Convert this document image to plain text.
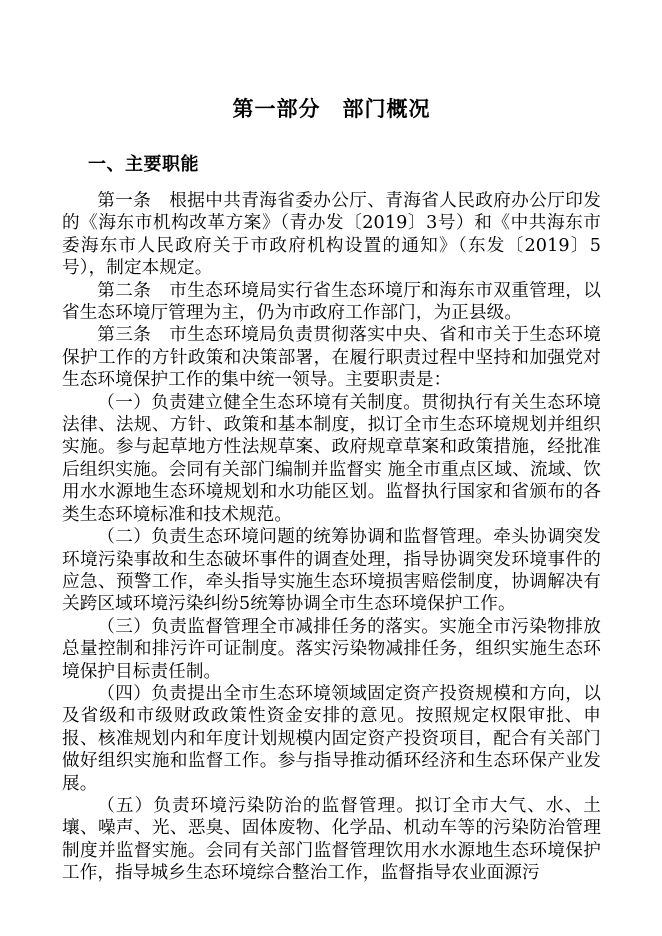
第一部分　部门概况
一、主要职能

第一条　根据中共青海省委办公厅、青海省人民政府办公厅印发的《海东市机构改革方案》（青办发〔2019〕3号）和《中共海东市委海东市人民政府关于市政府机构设置的通知》（东发〔2019〕5号），制定本规定。

第二条　市生态环境局实行省生态环境厅和海东市双重管理，以省生态环境厅管理为主，仍为市政府工作部门，为正县级。

第三条　市生态环境局负责贯彻落实中央、省和市关于生态环境保护工作的方针政策和决策部署，在履行职责过程中坚持和加强党对生态环境保护工作的集中统一领导。主要职责是：

（一）负责建立健全生态环境有关制度。贯彻执行有关生态环境法律、法规、方针、政策和基本制度，拟订全市生态环境规划并组织实施。参与起草地方性法规草案、政府规章草案和政策措施，经批准后组织实施。会同有关部门编制并监督实 施全市重点区域、流域、饮用水水源地生态环境规划和水功能区划。监督执行国家和省颁布的各类生态环境标准和技术规范。

（二）负责生态环境问题的统筹协调和监督管理。牵头协调突发环境污染事故和生态破坏事件的调查处理，指导协调突发环境事件的应急、预警工作，牵头指导实施生态环境损害赔偿制度，协调解决有关跨区域环境污染纠纷5统筹协调全市生态环境保护工作。

（三）负责监督管理全市减排任务的落实。实施全市污染物排放总量控制和排污许可证制度。落实污染物减排任务，组织实施生态环境保护目标责任制。

（四）负责提出全市生态环境领域固定资产投资规模和方向，以及省级和市级财政政策性资金安排的意见。按照规定权限审批、申报、核准规划内和年度计划规模内固定资产投资项目，配合有关部门做好组织实施和监督工作。参与指导推动循环经济和生态环保产业发展。

（五）负责环境污染防治的监督管理。拟订全市大气、水、土壤、噪声、光、恶臭、固体废物、化学品、机动车等的污染防治管理制度并监督实施。会同有关部门监督管理饮用水水源地生态环境保护工作，指导城乡生态环境综合整治工作，监督指导农业面源污
